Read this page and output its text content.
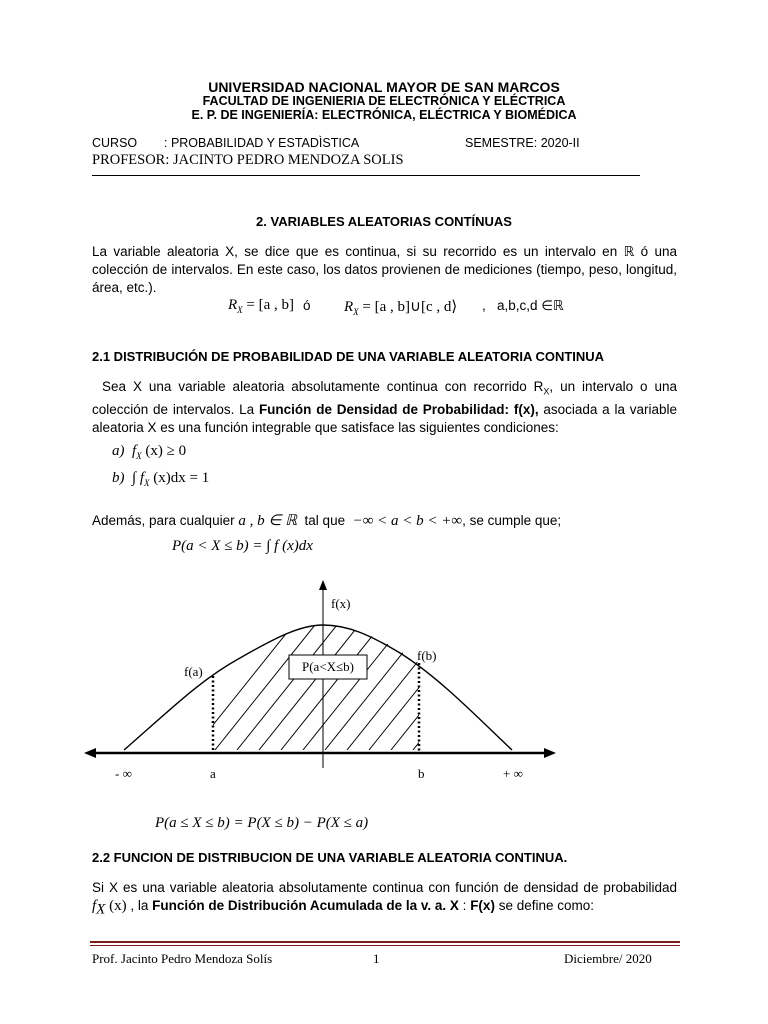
UNIVERSIDAD NACIONAL MAYOR DE SAN MARCOS
FACULTAD DE INGENIERIA DE ELECTRÓNICA Y ELÉCTRICA
E. P. DE INGENIERÍA: ELECTRÓNICA, ELÉCTRICA Y BIOMÉDICA
CURSO : PROBABILIDAD Y ESTADÌSTICA	SEMESTRE: 2020-II
PROFESOR: JACINTO PEDRO MENDOZA SOLIS
2. VARIABLES ALEATORIAS CONTÍNUAS
La variable aleatoria X, se dice que es continua, si su recorrido es un intervalo en ℝ ó una colección de intervalos. En este caso, los datos provienen de mediciones (tiempo, peso, longitud, área, etc.).
$R_X = [a$ , b] ó $R_X = [a$ , b]∪[c , d⟩ ,   a,b,c,d ∈ℝ
2.1 DISTRIBUCIÓN DE PROBABILIDAD DE UNA VARIABLE ALEATORIA CONTINUA
Sea X una variable aleatoria absolutamente continua con recorrido $R_X$, un intervalo o una colección de intervalos. La Función de Densidad de Probabilidad: f(x), asociada a la variable aleatoria X es una función integrable que satisface las siguientes condiciones:
a)  $f_X$ (x) ≥ 0
b)  ∫ $f_X$ (x)dx = 1
Además, para cualquier a , b ∈ ℝ  tal que  −∞ < a < b < +∞, se cumple que;
P(a < X ≤ b) = ∫ f (x)dx
f(x)
f(a)
f(b)
P(a<X≤b)
- ∞	a	b	+ ∞
P(a ≤ X ≤ b) = P(X ≤ b) − P(X ≤ a)
2.2 FUNCION DE DISTRIBUCION DE UNA VARIABLE ALEATORIA CONTINUA.
Si X es una variable aleatoria absolutamente continua con función de densidad de probabilidad $f_X$ (x) , la Función de Distribución Acumulada de la v. a. X : F(x) se define como:
Prof. Jacinto Pedro Mendoza Solís	1	Diciembre/ 2020
